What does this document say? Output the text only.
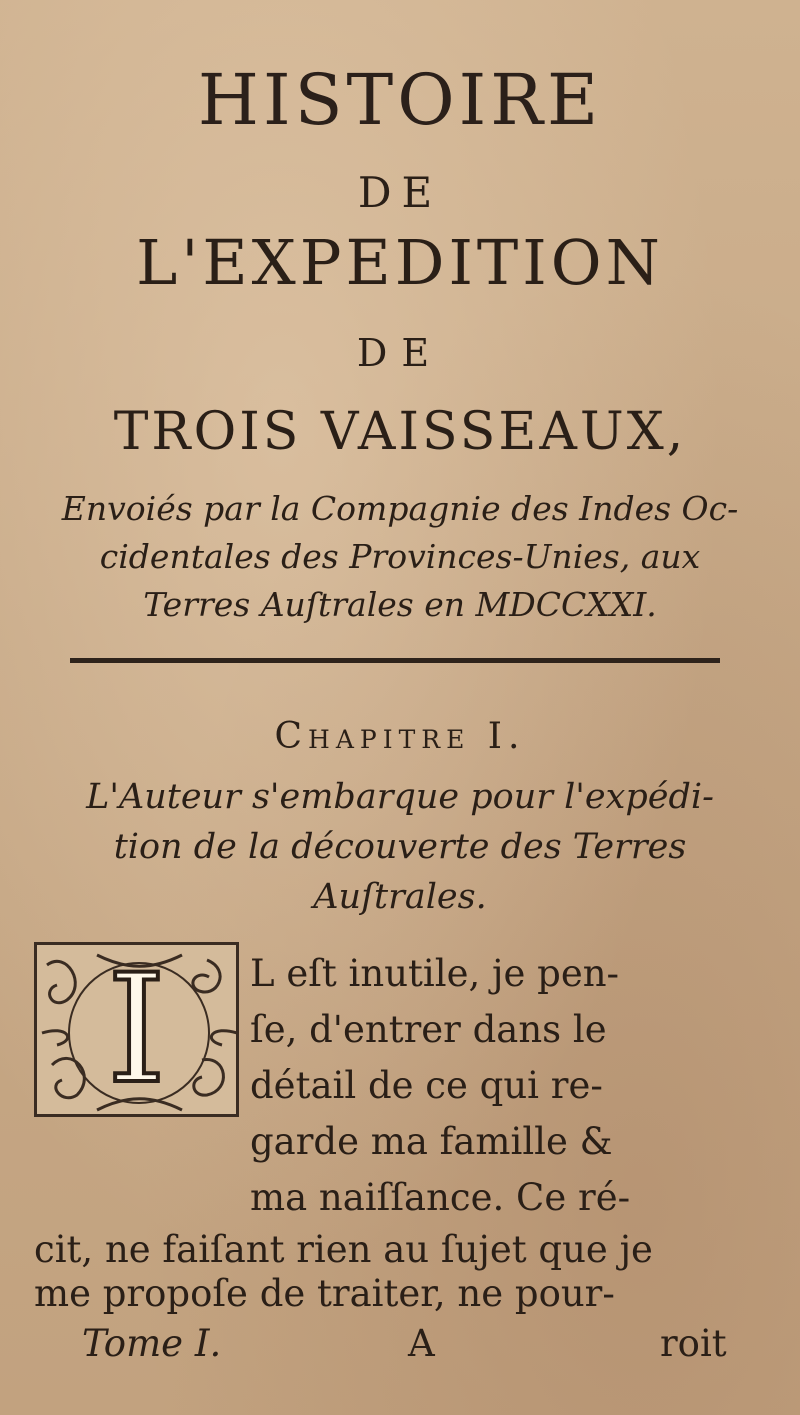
HISTOIRE
DE
L'EXPEDITION
DE
TROIS VAISSEAUX,
Envoiés par la Compagnie des Indes Oc-
cidentales des Provinces-Unies, aux
Terres Auſtrales en MDCCXXI.
Chapitre I.
L'Auteur s'embarque pour l'expédi-
tion de la découverte des Terres
Auſtrales.
I L eſt inutile, je pen-
ſe, d'entrer dans le
détail de ce qui re-
garde ma famille &
ma naiſſance. Ce ré-
cit, ne faiſant rien au ſujet que je
me propoſe de traiter, ne pour-
Tome I.	A	roit
